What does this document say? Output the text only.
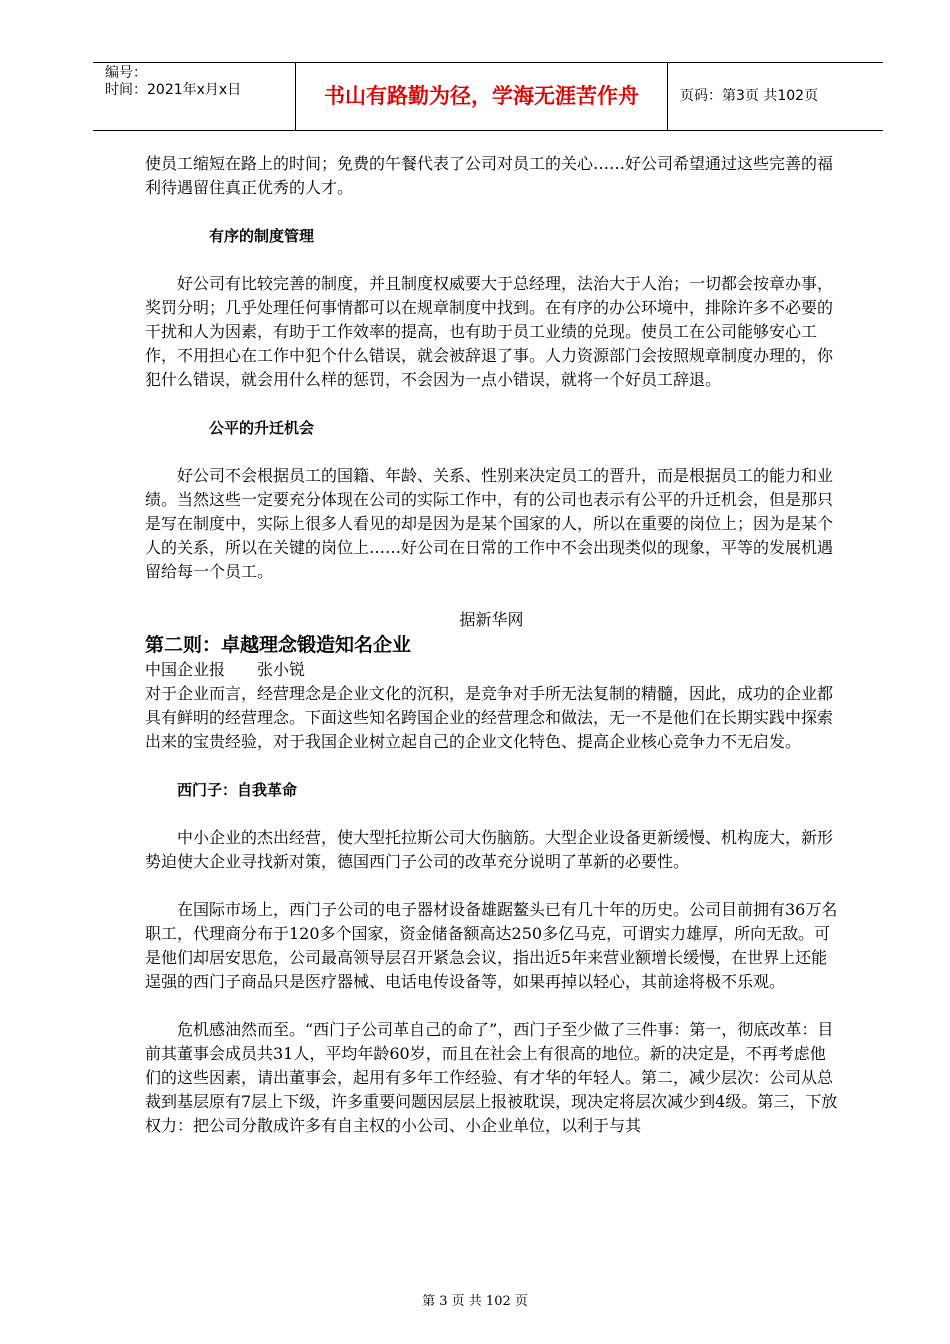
编号：
时间：2021年x月x日	书山有路勤为径，学海无涯苦作舟	页码：第3页 共102页

使员工缩短在路上的时间；免费的午餐代表了公司对员工的关心……好公司希望通过这些完善的福利待遇留住真正优秀的人才。

有序的制度管理

好公司有比较完善的制度，并且制度权威要大于总经理，法治大于人治；一切都会按章办事，奖罚分明；几乎处理任何事情都可以在规章制度中找到。在有序的办公环境中，排除许多不必要的干扰和人为因素，有助于工作效率的提高，也有助于员工业绩的兑现。使员工在公司能够安心工作，不用担心在工作中犯个什么错误，就会被辞退了事。人力资源部门会按照规章制度办理的，你犯什么错误，就会用什么样的惩罚，不会因为一点小错误，就将一个好员工辞退。

公平的升迁机会

好公司不会根据员工的国籍、年龄、关系、性别来决定员工的晋升，而是根据员工的能力和业绩。当然这些一定要充分体现在公司的实际工作中，有的公司也表示有公平的升迁机会，但是那只是写在制度中，实际上很多人看见的却是因为是某个国家的人，所以在重要的岗位上；因为是某个人的关系，所以在关键的岗位上……好公司在日常的工作中不会出现类似的现象，平等的发展机遇留给每一个员工。

据新华网

第二则：卓越理念锻造知名企业

中国企业报　　张小锐

对于企业而言，经营理念是企业文化的沉积，是竞争对手所无法复制的精髓，因此，成功的企业都具有鲜明的经营理念。下面这些知名跨国企业的经营理念和做法，无一不是他们在长期实践中探索出来的宝贵经验，对于我国企业树立起自己的企业文化特色、提高企业核心竞争力不无启发。

西门子：自我革命

中小企业的杰出经营，使大型托拉斯公司大伤脑筋。大型企业设备更新缓慢、机构庞大，新形势迫使大企业寻找新对策，德国西门子公司的改革充分说明了革新的必要性。

在国际市场上，西门子公司的电子器材设备雄踞鳌头已有几十年的历史。公司目前拥有36万名职工，代理商分布于120多个国家，资金储备额高达250多亿马克，可谓实力雄厚，所向无敌。可是他们却居安思危，公司最高领导层召开紧急会议，指出近5年来营业额增长缓慢，在世界上还能逞强的西门子商品只是医疗器械、电话电传设备等，如果再掉以轻心，其前途将极不乐观。

危机感油然而至。“西门子公司革自己的命了”，西门子至少做了三件事：第一，彻底改革：目前其董事会成员共31人，平均年龄60岁，而且在社会上有很高的地位。新的决定是，不再考虑他们的这些因素，请出董事会，起用有多年工作经验、有才华的年轻人。第二，减少层次：公司从总裁到基层原有7层上下级，许多重要问题因层层上报被耽误，现决定将层次减少到4级。第三，下放权力：把公司分散成许多有自主权的小公司、小企业单位，以利于与其

第 3 页 共 102 页
